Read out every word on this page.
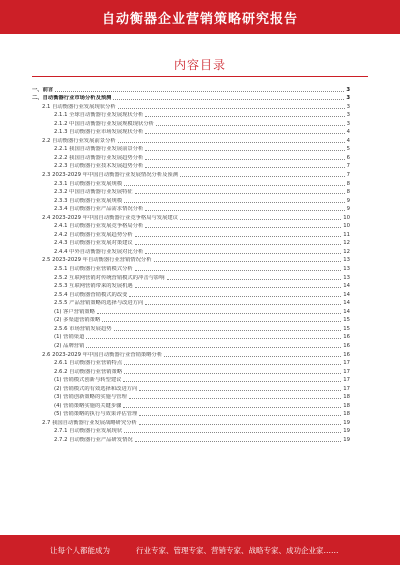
自动衡器企业营销策略研究报告
内容目录
一、前言	3
二、自动衡器行业市场分析及预测	3
2.1 自动衡器行业发展现状分析	3
2.1.1 全球自动衡器行业发展现状分析	3
2.1.2 中国自动衡器行业发展规模现状分析	3
2.1.3 自动衡器行业市场发展现状分析	4
2.2 自动衡器行业发展前景分析	4
2.2.1 我国自动衡器行业发展前景分析	5
2.2.2 我国自动衡器行业发展趋势分析	6
2.2.3 自动衡器行业技术发展趋势分析	7
2.3 2023-2029 年中国自动衡器行业发展情况分析及预测	7
2.3.1 自动衡器行业发展规模	8
2.3.2 中国自动衡器行业发展特征	8
2.3.3 自动衡器行业发展规模	9
2.3.4 自动衡器行业产品需求情况分析	9
2.4 2023-2029 年中国自动衡器行业竞争格局与发展建议	10
2.4.1 自动衡器行业发展竞争格局分析	10
2.4.2 自动衡器行业发展趋势分析	11
2.4.3 自动衡器行业发展对策建议	12
2.4.4 中外自动衡器行业发展对比分析	12
2.5 2023-2029 年自动衡器行业营销情况分析	13
2.5.1 自动衡器行业营销模式分析	13
2.5.2 互联网营销对传统营销模式的冲击与影响	13
2.5.3 互联网营销带来的发展机遇	14
2.5.4 自动衡器营销模式的改变	14
2.5.5 产品营销策略的选择与改进方向	14
(1) 客户营销策略	14
(2) 多渠道营销策略	15
2.5.6 市场营销发展趋势	15
(1) 营销渠道	16
(2) 品牌营销	16
2.6 2023-2029 年中国自动衡器行业营销策略分析	16
2.6.1 自动衡器行业营销特点	17
2.6.2 自动衡器行业营销策略	17
(1) 营销模式创新与转型建议	17
(2) 营销模式的有效选择和改进方向	17
(3) 营销创新策略的实施与管理	18
(4) 营销策略实施的关键步骤	18
(5) 营销策略的执行与效果评估管理	18
2.7 我国自动衡器行业发展战略研究分析	19
2.7.1 自动衡器行业发展现状	19
2.7.2 自动衡器行业产品研发情况	19
让每个人都能成为	行业专家、管理专家、营销专家、战略专家、成功企业家……
